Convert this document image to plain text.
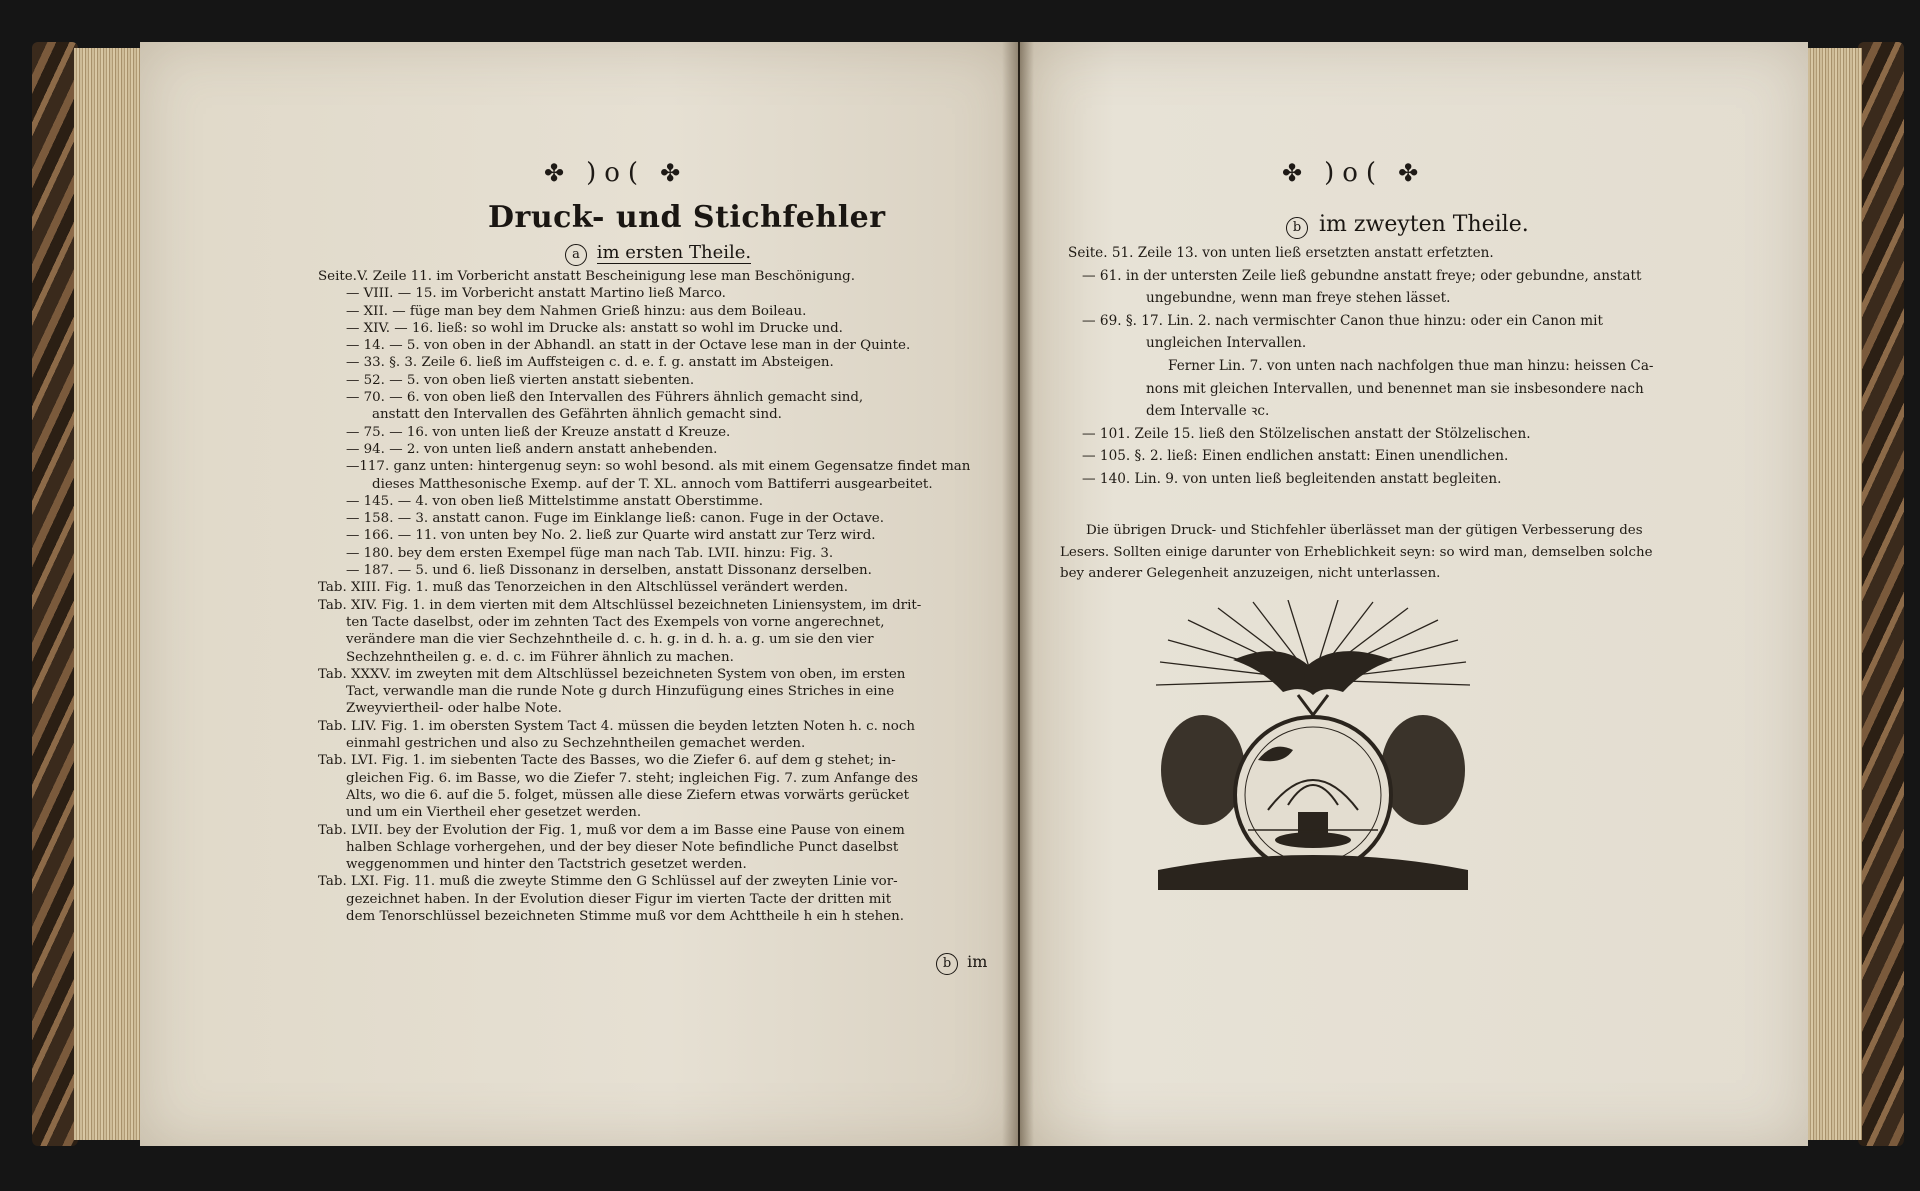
✤ )o( ✤
Druck- und Stichfehler
a im ersten Theile.
Seite.V. Zeile 11. im Vorbericht anstatt Bescheinigung lese man Beschönigung.
— VIII. — 15. im Vorbericht anstatt Martino ließ Marco.
— XII. — füge man bey dem Nahmen Grieß hinzu: aus dem Boileau.
— XIV. — 16. ließ: so wohl im Drucke als: anstatt so wohl im Drucke und.
— 14. — 5. von oben in der Abhandl. an statt in der Octave lese man in der Quinte.
— 33. §. 3. Zeile 6. ließ im Auffsteigen c. d. e. f. g. anstatt im Absteigen.
— 52. — 5. von oben ließ vierten anstatt siebenten.
— 70. — 6. von oben ließ den Intervallen des Führers ähnlich gemacht sind,
anstatt den Intervallen des Gefährten ähnlich gemacht sind.
— 75. — 16. von unten ließ der Kreuze anstatt d Kreuze.
— 94. — 2. von unten ließ andern anstatt anhebenden.
—117. ganz unten: hintergenug seyn: so wohl besond. als mit einem Gegensatze findet man
dieses Matthesonische Exemp. auf der T. XL. annoch vom Battiferri ausgearbeitet.
— 145. — 4. von oben ließ Mittelstimme anstatt Oberstimme.
— 158. — 3. anstatt canon. Fuge im Einklange ließ: canon. Fuge in der Octave.
— 166. — 11. von unten bey No. 2. ließ zur Quarte wird anstatt zur Terz wird.
— 180. bey dem ersten Exempel füge man nach Tab. LVII. hinzu: Fig. 3.
— 187. — 5. und 6. ließ Dissonanz in derselben, anstatt Dissonanz derselben.
Tab. XIII. Fig. 1. muß das Tenorzeichen in den Altschlüssel verändert werden.
Tab. XIV. Fig. 1. in dem vierten mit dem Altschlüssel bezeichneten Liniensystem, im drit-
ten Tacte daselbst, oder im zehnten Tact des Exempels von vorne angerechnet,
verändere man die vier Sechzehntheile d. c. h. g. in d. h. a. g. um sie den vier
Sechzehntheilen g. e. d. c. im Führer ähnlich zu machen.
Tab. XXXV. im zweyten mit dem Altschlüssel bezeichneten System von oben, im ersten
Tact, verwandle man die runde Note g durch Hinzufügung eines Striches in eine
Zweyviertheil- oder halbe Note.
Tab. LIV. Fig. 1. im obersten System Tact 4. müssen die beyden letzten Noten h. c. noch
einmahl gestrichen und also zu Sechzehntheilen gemachet werden.
Tab. LVI. Fig. 1. im siebenten Tacte des Basses, wo die Ziefer 6. auf dem g stehet; in-
gleichen Fig. 6. im Basse, wo die Ziefer 7. steht; ingleichen Fig. 7. zum Anfange des
Alts, wo die 6. auf die 5. folget, müssen alle diese Ziefern etwas vorwärts gerücket
und um ein Viertheil eher gesetzet werden.
Tab. LVII. bey der Evolution der Fig. 1, muß vor dem a im Basse eine Pause von einem
halben Schlage vorhergehen, und der bey dieser Note befindliche Punct daselbst
weggenommen und hinter den Tactstrich gesetzet werden.
Tab. LXI. Fig. 11. muß die zweyte Stimme den G Schlüssel auf der zweyten Linie vor-
gezeichnet haben. In der Evolution dieser Figur im vierten Tacte der dritten mit
dem Tenorschlüssel bezeichneten Stimme muß vor dem Achttheile h ein h stehen.
b im
✤ )o( ✤
b im zweyten Theile.
Seite. 51. Zeile 13. von unten ließ ersetzten anstatt erfetzten.
— 61. in der untersten Zeile ließ gebundne anstatt freye; oder gebundne, anstatt
ungebundne, wenn man freye stehen lässet.
— 69. §. 17. Lin. 2. nach vermischter Canon thue hinzu: oder ein Canon mit
ungleichen Intervallen.
Ferner Lin. 7. von unten nach nachfolgen thue man hinzu: heissen Ca-
nons mit gleichen Intervallen, und benennet man sie insbesondere nach
dem Intervalle ꝛc.
— 101. Zeile 15. ließ den Stölzelischen anstatt der Stölzelischen.
— 105. §. 2. ließ: Einen endlichen anstatt: Einen unendlichen.
— 140. Lin. 9. von unten ließ begleitenden anstatt begleiten.
Die übrigen Druck- und Stichfehler überlässet man der gütigen Verbesserung des
Lesers. Sollten einige darunter von Erheblichkeit seyn: so wird man, demselben solche
bey anderer Gelegenheit anzuzeigen, nicht unterlassen.
